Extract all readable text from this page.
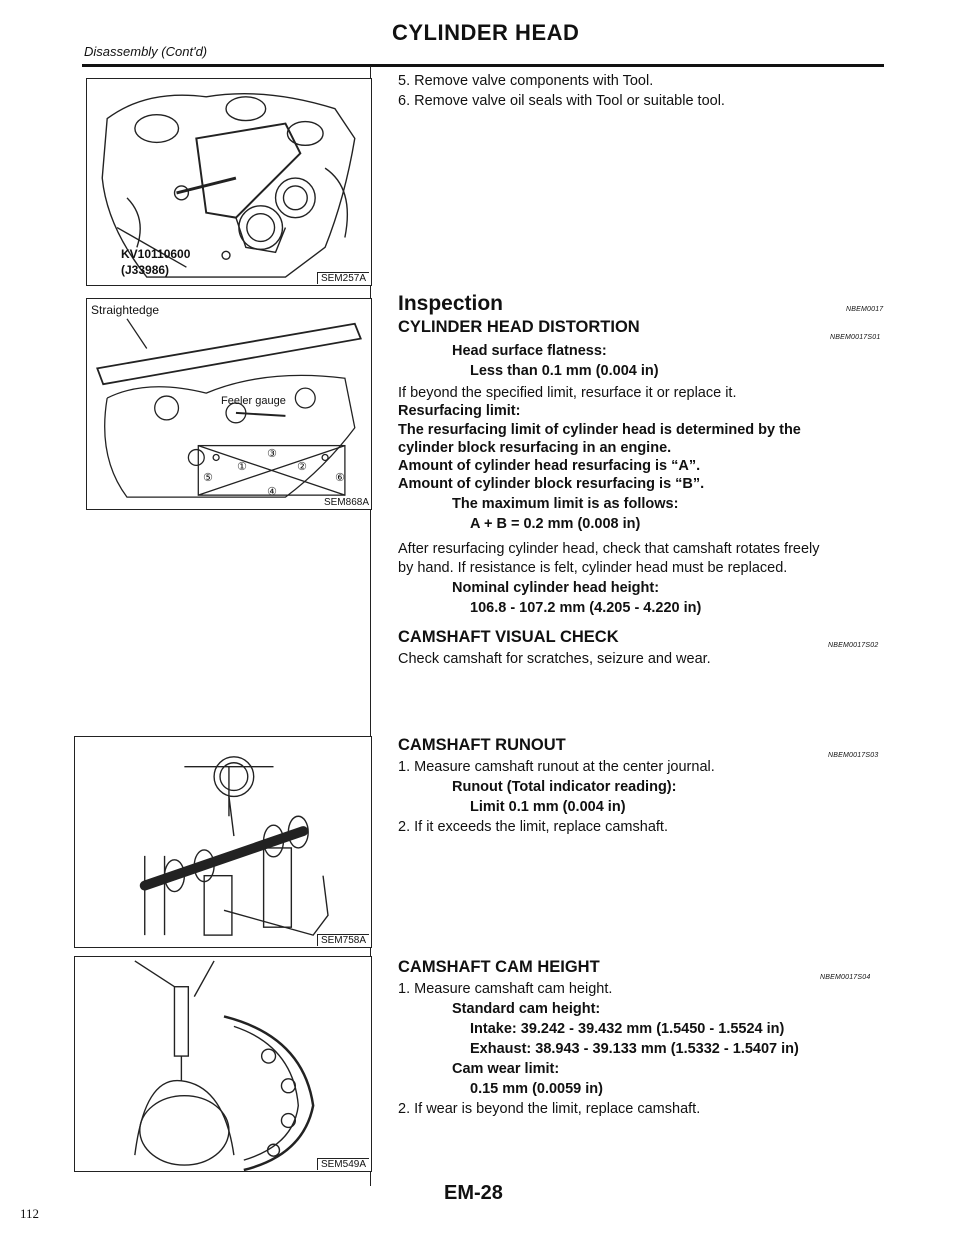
Disassembly (Cont'd)
CYLINDER HEAD
KV10110600
(J33986)
SEM257A
Straightedge
Feeler gauge
①	②
③
④
⑤	⑥
SEM868A
SEM758A
SEM549A
5. Remove valve components with Tool.
6. Remove valve oil seals with Tool or suitable tool.
Inspection	NBEM0017
CYLINDER HEAD DISTORTION
NBEM0017S01
Head surface flatness:
Less than 0.1 mm (0.004 in)
If beyond the specified limit, resurface it or replace it.
Resurfacing limit:
The resurfacing limit of cylinder head is determined by the
cylinder block resurfacing in an engine.
Amount of cylinder head resurfacing is “A”.
Amount of cylinder block resurfacing is “B”.
The maximum limit is as follows:
A + B = 0.2 mm (0.008 in)
After resurfacing cylinder head, check that camshaft rotates freely
by hand. If resistance is felt, cylinder head must be replaced.
Nominal cylinder head height:
106.8 - 107.2 mm (4.205 - 4.220 in)
CAMSHAFT VISUAL CHECK	NBEM0017S02
Check camshaft for scratches, seizure and wear.
CAMSHAFT RUNOUT
NBEM0017S03
1. Measure camshaft runout at the center journal.
Runout (Total indicator reading):
Limit 0.1 mm (0.004 in)
2. If it exceeds the limit, replace camshaft.
CAMSHAFT CAM HEIGHT
NBEM0017S04
1. Measure camshaft cam height.
Standard cam height:
Intake: 39.242 - 39.432 mm (1.5450 - 1.5524 in)
Exhaust: 38.943 - 39.133 mm (1.5332 - 1.5407 in)
Cam wear limit:
0.15 mm (0.0059 in)
2. If wear is beyond the limit, replace camshaft.
EM-28
112
